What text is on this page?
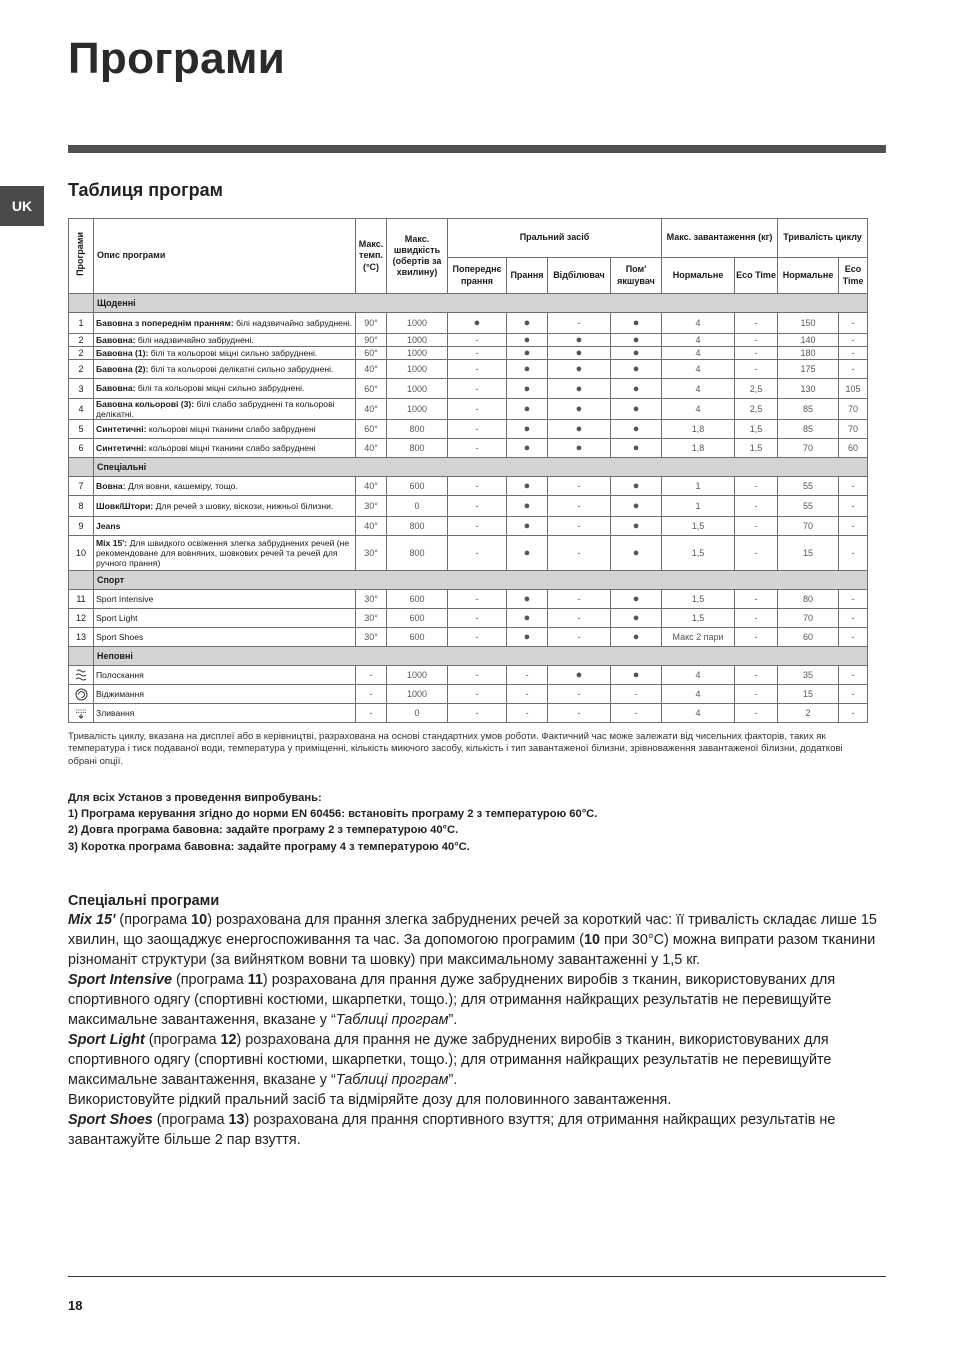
Програми
UK
Таблиця програм
Програми	Опис програми	Макс. темп. (°C)	Макс. швидкість (обертів за хвилину)	Пральний засіб				Макс. завантаження (кг)		Тривалість циклу	
				Попереднє прання	Прання	Відбілювач	Пом' якшувач	Нормальне	Eco Time	Нормальне	Eco Time
	Щоденні										
1	Бавовна з попереднім пранням: білі надзвичайно забруднені.	90°	1000	●	●	-	●	4	-	150	-
2	Бавовна: білі надзвичайно забруднені.	90°	1000	-	●	●	●	4	-	140	-
2	Бавовна (1): білі та кольорові міцні сильно забруднені.	60°	1000	-	●	●	●	4	-	180	-
2	Бавовна (2): білі та кольорові делікатні сильно забруднені.	40°	1000	-	●	●	●	4	-	175	-
3	Бавовна: білі та кольорові міцні сильно забруднені.	60°	1000	-	●	●	●	4	2,5	130	105
4	Бавовна кольорові (3): білі слабо забруднені та кольорові делікатні.	40°	1000	-	●	●	●	4	2,5	85	70
5	Синтетичні: кольорові міцні тканини слабо забруднені	60°	800	-	●	●	●	1,8	1,5	85	70
6	Синтетичні: кольорові міцні тканини слабо забруднені	40°	800	-	●	●	●	1,8	1,5	70	60
	Спеціальні										
7	Вовна: Для вовни, кашеміру, тощо.	40°	600	-	●	-	●	1	-	55	-
8	Шовк/Штори: Для речей з шовку, віскози, нижньої білизни.	30°	0	-	●	-	●	1	-	55	-
9	Jeans	40°	800	-	●	-	●	1,5	-	70	-
10	Mix 15': Для швидкого освіження злегка забруднених речей (не рекомендоване для вовняних, шовкових речей та речей для ручного прання)	30°	800	-	●	-	●	1,5	-	15	-
	Спорт										
11	Sport Intensive	30°	600	-	●	-	●	1,5	-	80	-
12	Sport Light	30°	600	-	●	-	●	1,5	-	70	-
13	Sport Shoes	30°	600	-	●	-	●	Макс 2 пари	-	60	-
	Неповні										

	Полоскання	-	1000	-	-	●	●	4	-	35	-

	Віджимання	-	1000	-	-	-	-	4	-	15	-

	Зливання	-	0	-	-	-	-	4	-	2	-
Тривалість циклу, вказана на дисплеї або в керівництві, разрахована на основі стандартних умов роботи. Фактичний час може залежати від чисельних факторів, таких як температура і тиск подаваної води, температура у приміщенні, кількість миючого засобу, кількість і тип завантаженої білизни, зрівноваження завантаженої білизни, додаткові обрані опції.
Для всіх Установ з проведення випробувань:
1) Програма керування згідно до норми EN 60456: встановіть програму 2 з температурою 60°С.
2) Довга програма бавовна: задайте програму 2 з температурою 40°С.
3) Коротка програма бавовна: задайте програму 4 з температурою 40°С.
Спеціальні програми

Mix 15' (програма 10) розрахована для прання злегка забруднених речей за короткий час: її тривалість складає лише 15 хвилин, що заощаджує енергоспоживання та час. За допомогою програмим (10 при 30°C) можна випрати разом тканини різноманіт структури (за вийнятком вовни та шовку) при максимальному завантаженні у 1,5 кг.

Sport Intensive (програма 11) розрахована для прання дуже забруднених виробів з тканин, використовуваних для спортивного одягу (спортивні костюми, шкарпетки, тощо.); для отримання найкращих результатів не перевищуйте максимальне завантаження, вказане у “Таблиці програм”.

Sport Light (програма 12) розрахована для прання не дуже забруднених виробів з тканин, використовуваних для спортивного одягу (спортивні костюми, шкарпетки, тощо.); для отримання найкращих результатів не перевищуйте максимальне завантаження, вказане у “Таблиці програм”.

Використовуйте рідкий пральний засіб та відміряйте дозу для половинного завантаження.

Sport Shoes (програма 13) розрахована для прання спортивного взуття; для отримання найкращих результатів не завантажуйте більше 2 пар взуття.

18
